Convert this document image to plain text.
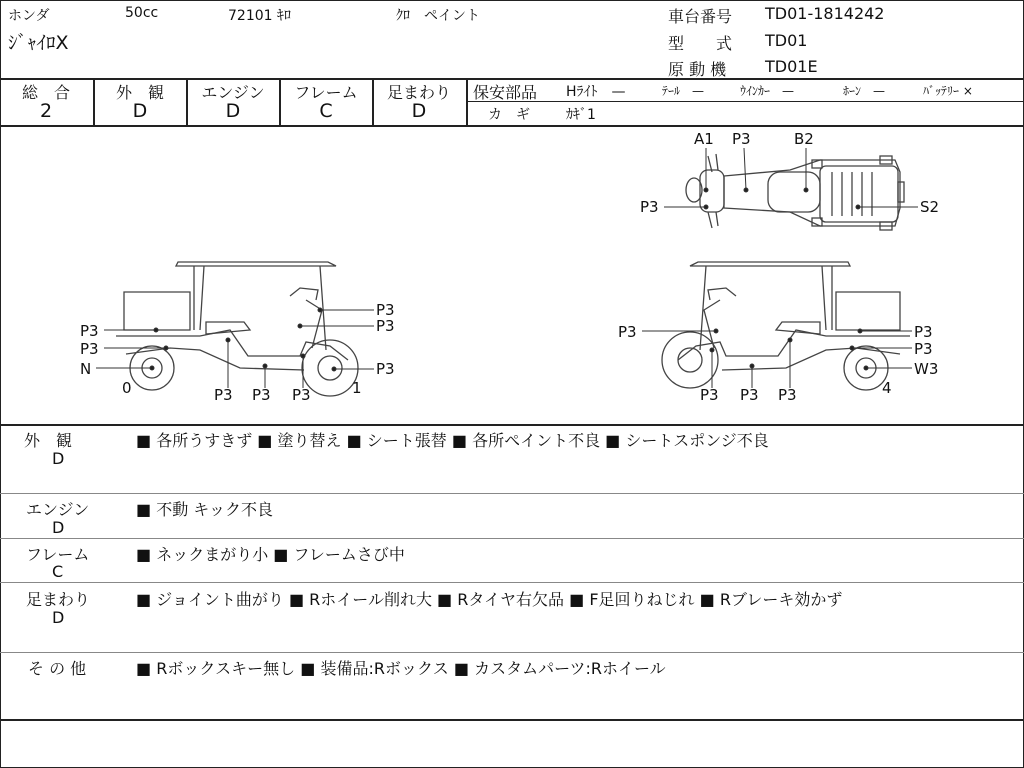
ホンダ	50cc	72101 ｷﾛ	ｸﾛ　ペイント
ｼﾞｬｲﾛX
車台番号 TD01-1814242
型　　式 TD01
原 動 機 TD01E
総　合	外　観	エンジン	フレーム	足まわり
2	D	D	C	D
保安部品 Hﾗｲﾄ　—	ﾃｰﾙ　—	ｳｲﾝｶｰ　—	ﾎｰﾝ　—	ﾊﾞｯﾃﾘｰ ×
カ　ギ	ｶｷﾞ1
A1 P3	B2
P3	S2
P3
P3
P3
P3
P3
N
0	1
P3 P3 P3
P3	P3
P3
W3
4
P3 P3 P3
外　観
D
■ 各所うすきず ■ 塗り替え ■ シート張替 ■ 各所ペイント不良 ■ シートスポンジ不良
エンジン
D
■ 不動 キック不良
フレーム
C
■ ネックまがり小 ■ フレームさび中
足まわり
D
■ ジョイント曲がり ■ Rホイール削れ大 ■ Rタイヤ右欠品 ■ F足回りねじれ ■ Rブレーキ効かず
そ の 他	■ Rボックスキー無し ■ 装備品:Rボックス ■ カスタムパーツ:Rホイール
